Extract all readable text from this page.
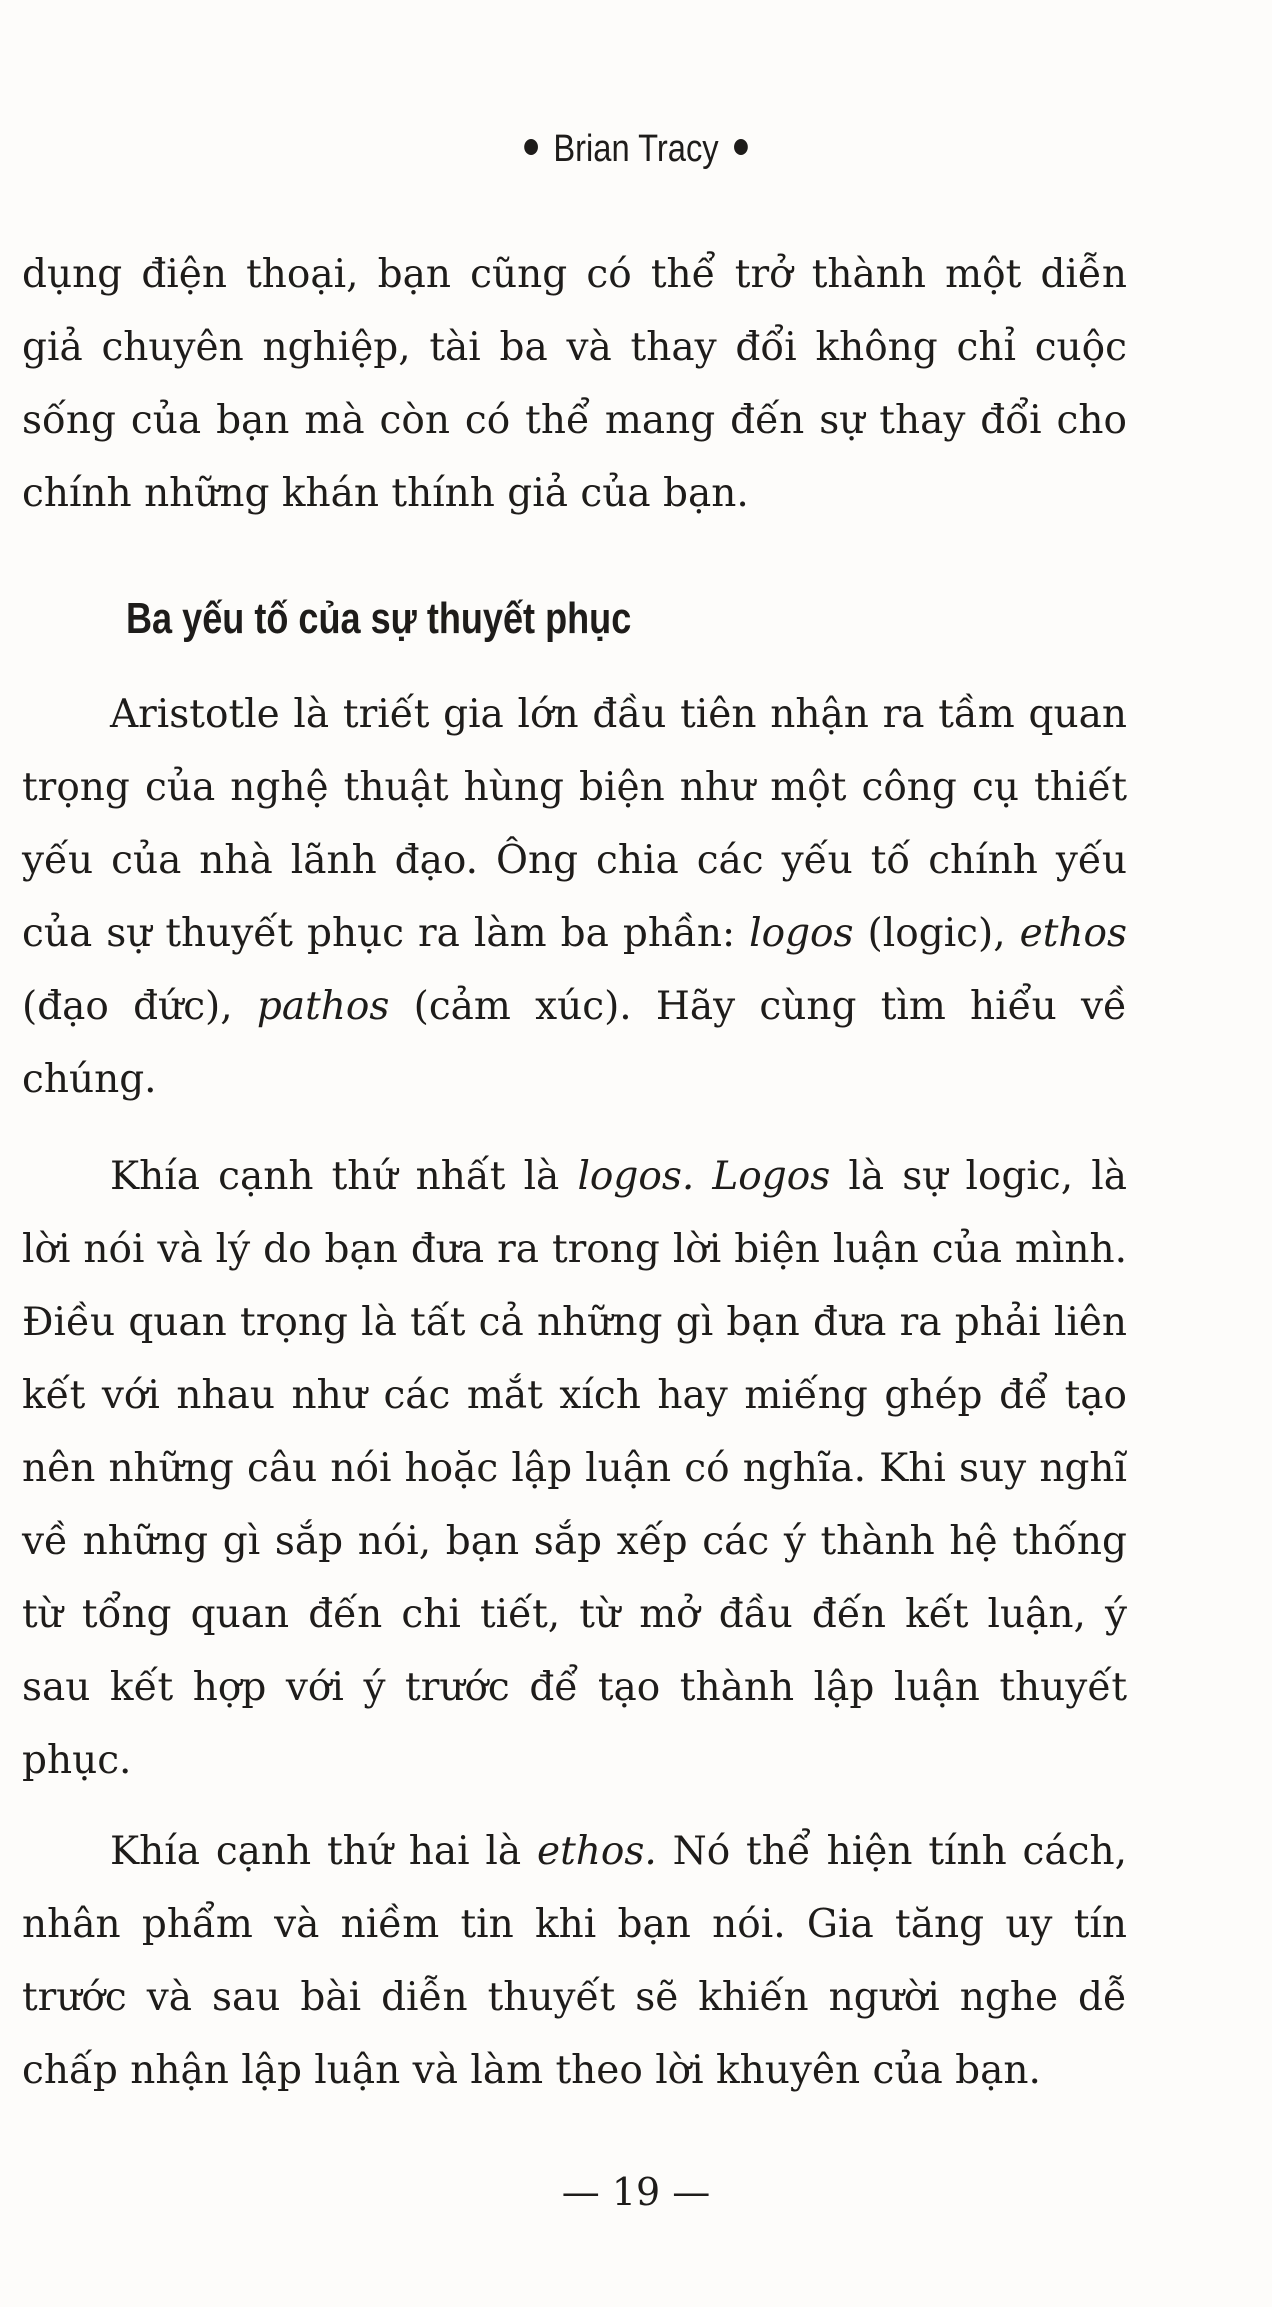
Brian Tracy

dụng điện thoại, bạn cũng có thể trở thành một diễn giả chuyên nghiệp, tài ba và thay đổi không chỉ cuộc sống của bạn mà còn có thể mang đến sự thay đổi cho chính những khán thính giả của bạn.

Ba yếu tố của sự thuyết phục

Aristotle là triết gia lớn đầu tiên nhận ra tầm quan trọng của nghệ thuật hùng biện như một công cụ thiết yếu của nhà lãnh đạo. Ông chia các yếu tố chính yếu của sự thuyết phục ra làm ba phần: logos (logic), ethos (đạo đức), pathos (cảm xúc). Hãy cùng tìm hiểu về chúng.

Khía cạnh thứ nhất là logos. Logos là sự logic, là lời nói và lý do bạn đưa ra trong lời biện luận của mình. Điều quan trọng là tất cả những gì bạn đưa ra phải liên kết với nhau như các mắt xích hay miếng ghép để tạo nên những câu nói hoặc lập luận có nghĩa. Khi suy nghĩ về những gì sắp nói, bạn sắp xếp các ý thành hệ thống từ tổng quan đến chi tiết, từ mở đầu đến kết luận, ý sau kết hợp với ý trước để tạo thành lập luận thuyết phục.

Khía cạnh thứ hai là ethos. Nó thể hiện tính cách, nhân phẩm và niềm tin khi bạn nói. Gia tăng uy tín trước và sau bài diễn thuyết sẽ khiến người nghe dễ chấp nhận lập luận và làm theo lời khuyên của bạn.

— 19 —
